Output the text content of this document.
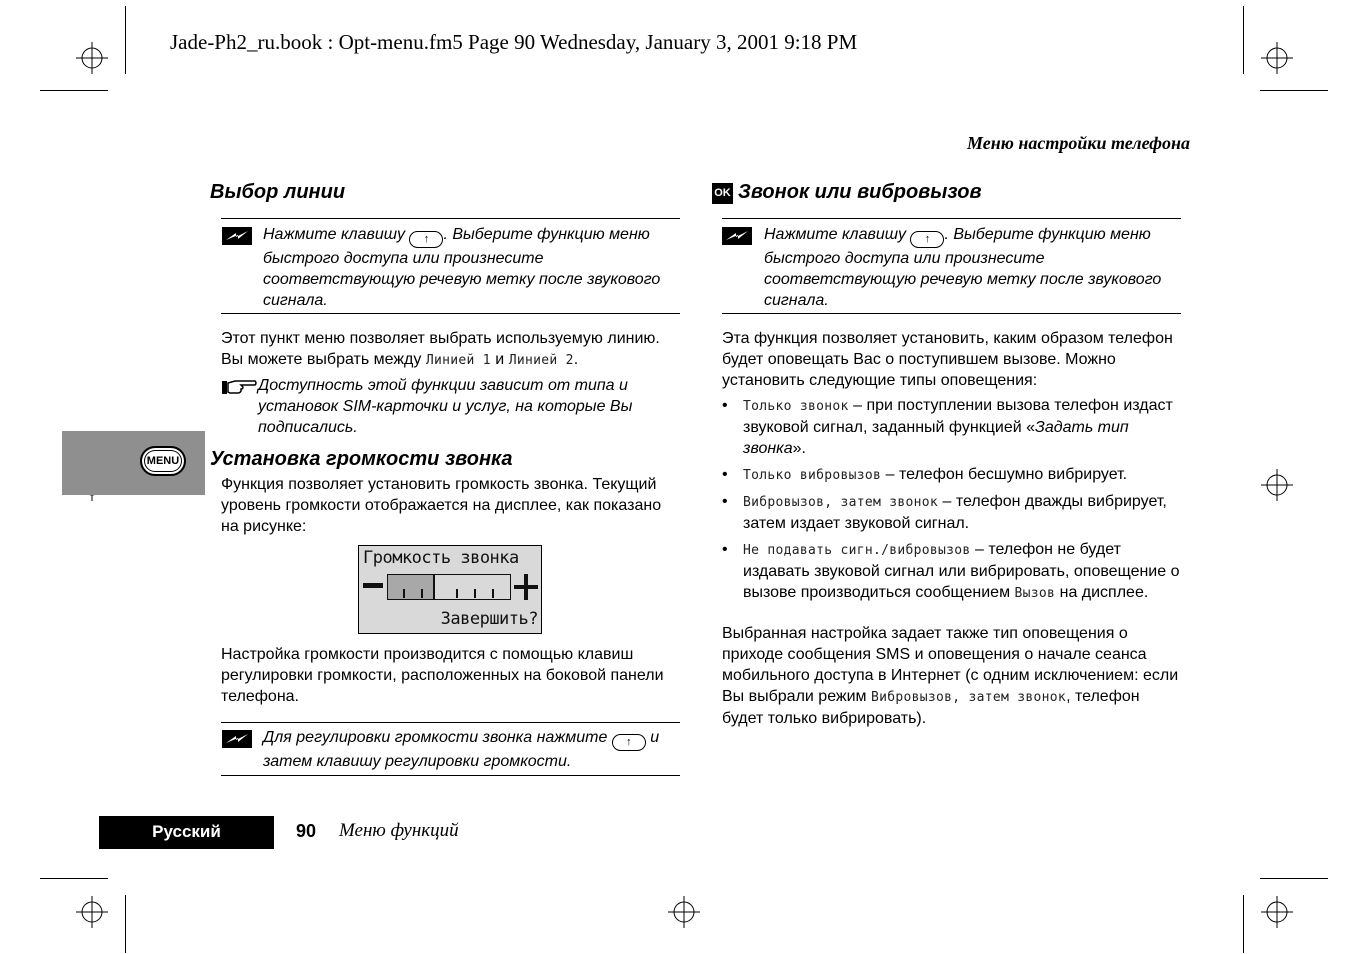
Jade-Ph2_ru.book : Opt-menu.fm5 Page 90 Wednesday, January 3, 2001 9:18 PM
Меню настройки телефона
MENU
Выбор линии
Нажмите клавишу ↑ . Выберите функцию меню быстрого доступа или произнесите соответствующую речевую метку после звукового сигнала.
Этот пункт меню позволяет выбрать используемую линию. Вы можете выбрать между Линией 1 и Линией 2.
Доступность этой функции зависит от типа и установок SIM-карточки и услуг, на которые Вы подписались.
Установка громкости звонка
Функция позволяет установить громкость звонка. Текущий уровень громкости отображается на дисплее, как показано на рисунке:
Громкость звонка
Завершить?
Настройка громкости производится с помощью клавиш регулировки громкости, расположенных на боковой панели телефона.
Для регулировки громкости звонка нажмите ↑ и затем клавишу регулировки громкости.
OK Звонок или вибровызов
Нажмите клавишу ↑ . Выберите функцию меню быстрого доступа или произнесите соответствующую речевую метку после звукового сигнала.
Эта функция позволяет установить, каким образом телефон будет оповещать Вас о поступившем вызове. Можно установить следующие типы оповещения:
• Только звонок – при поступлении вызова телефон издаст звуковой сигнал, заданный функцией «Задать тип звонка».
• Только вибровызов – телефон бесшумно вибрирует.
• Вибровызов, затем звонок – телефон дважды вибрирует, затем издает звуковой сигнал.
• Не подавать сигн./вибровызов – телефон не будет издавать звуковой сигнал или вибрировать, оповещение о вызове производиться сообщением Вызов на дисплее.
Выбранная настройка задает также тип оповещения о приходе сообщения SMS и оповещения о начале сеанса мобильного доступа в Интернет (с одним исключением: если Вы выбрали режим Вибровызов, затем звонок, телефон будет только вибрировать).
Русский	90 Меню функций
